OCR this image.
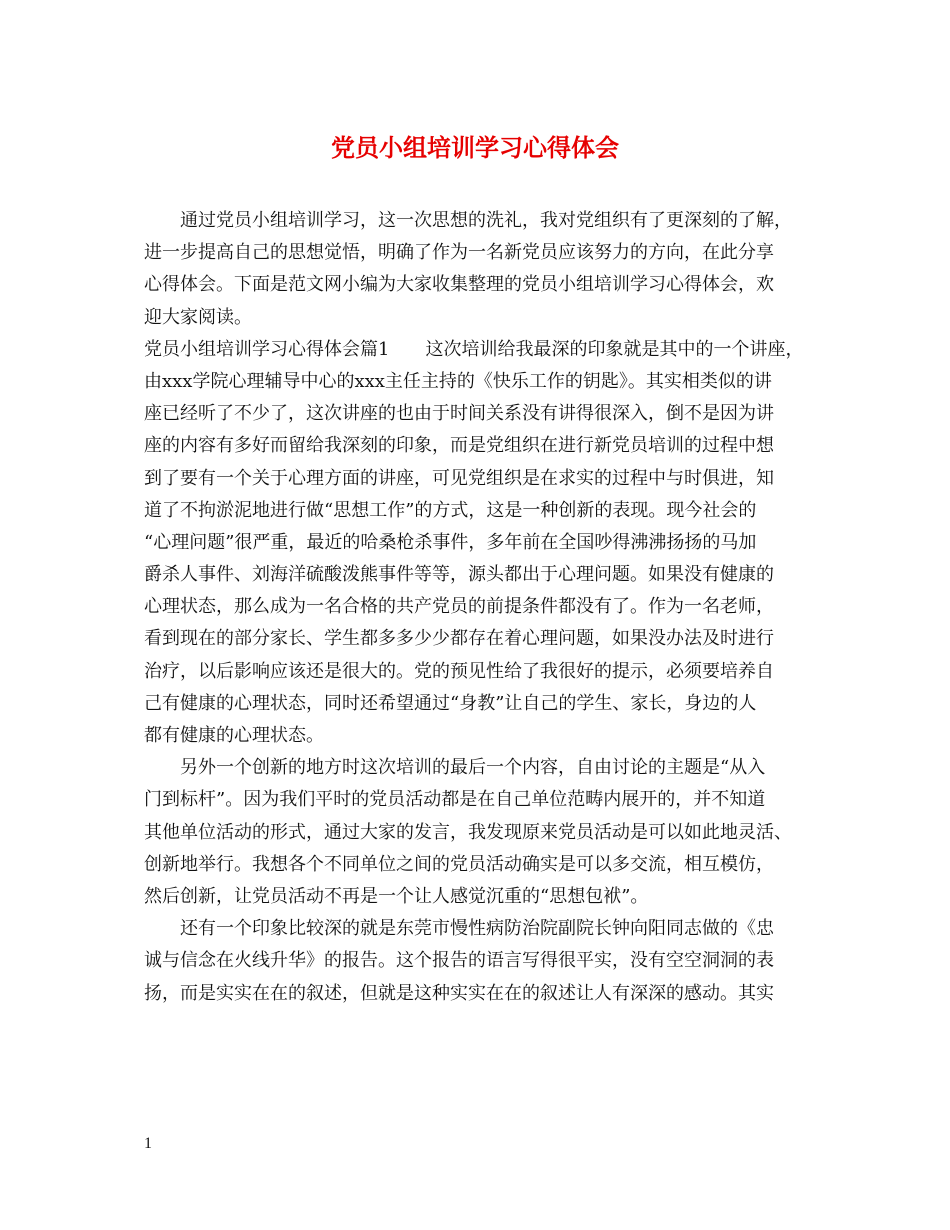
党员小组培训学习心得体会

通过党员小组培训学习，这一次思想的洗礼，我对党组织有了更深刻的了解，

进一步提高自己的思想觉悟，明确了作为一名新党员应该努力的方向，在此分享

心得体会。下面是范文网小编为大家收集整理的党员小组培训学习心得体会，欢

迎大家阅读。

党员小组培训学习心得体会篇1　　这次培训给我最深的印象就是其中的一个讲座，

由xxx学院心理辅导中心的xxx主任主持的《快乐工作的钥匙》。其实相类似的讲

座已经听了不少了，这次讲座的也由于时间关系没有讲得很深入，倒不是因为讲

座的内容有多好而留给我深刻的印象，而是党组织在进行新党员培训的过程中想

到了要有一个关于心理方面的讲座，可见党组织是在求实的过程中与时俱进，知

道了不拘淤泥地进行做“思想工作”的方式，这是一种创新的表现。现今社会的

“心理问题”很严重，最近的哈桑枪杀事件，多年前在全国吵得沸沸扬扬的马加

爵杀人事件、刘海洋硫酸泼熊事件等等，源头都出于心理问题。如果没有健康的

心理状态，那么成为一名合格的共产党员的前提条件都没有了。作为一名老师，

看到现在的部分家长、学生都多多少少都存在着心理问题，如果没办法及时进行

治疗，以后影响应该还是很大的。党的预见性给了我很好的提示，必须要培养自

己有健康的心理状态，同时还希望通过“身教”让自己的学生、家长，身边的人

都有健康的心理状态。

另外一个创新的地方时这次培训的最后一个内容，自由讨论的主题是“从入

门到标杆”。因为我们平时的党员活动都是在自己单位范畴内展开的，并不知道

其他单位活动的形式，通过大家的发言，我发现原来党员活动是可以如此地灵活、

创新地举行。我想各个不同单位之间的党员活动确实是可以多交流，相互模仿，

然后创新，让党员活动不再是一个让人感觉沉重的“思想包袱”。

还有一个印象比较深的就是东莞市慢性病防治院副院长钟向阳同志做的《忠

诚与信念在火线升华》的报告。这个报告的语言写得很平实，没有空空洞洞的表

扬，而是实实在在的叙述，但就是这种实实在在的叙述让人有深深的感动。其实

1
